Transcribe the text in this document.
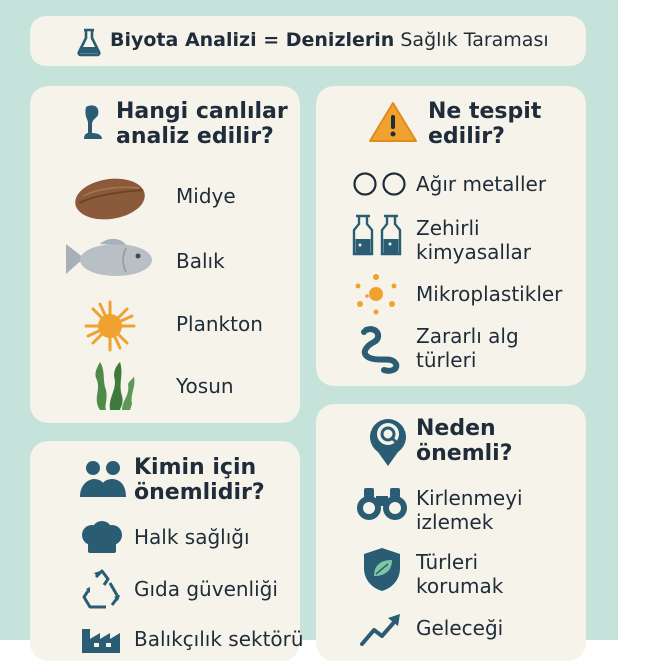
Biyota Analizi = Denizlerin Sağlık Taraması
Hangi canlılar
analiz edilir?
Midye
Balık
Plankton
Yosun
Ne tespit
edilir?
Ağır metaller
Zehirli
kimyasallar
Mikroplastikler
Zararlı alg
türleri
Kimin için
önemlidir?
Halk sağlığı
Gıda güvenliği
Balıkçılık sektörü
Neden
önemli?
Kirlenmeyi
izlemek
Türleri
korumak
Geleceği
